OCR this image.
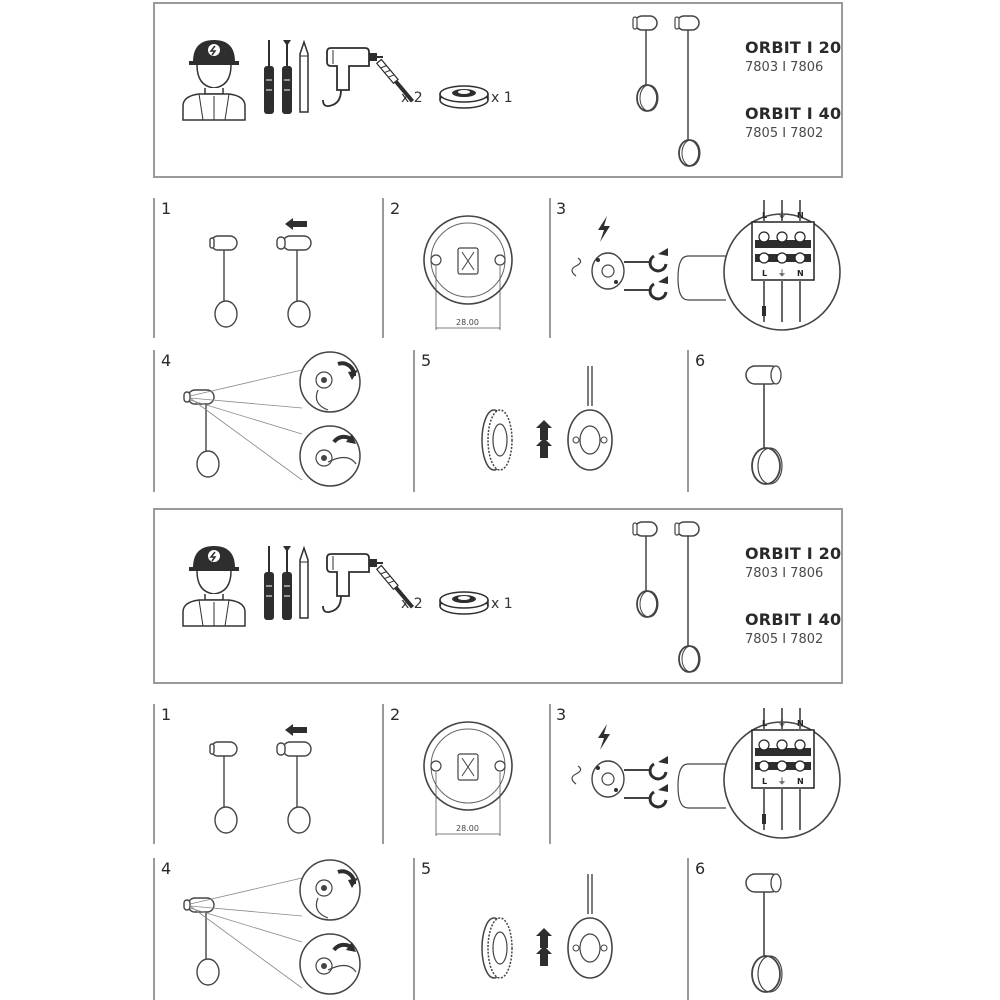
x 2	x 1
ORBIT I 20
7803 I 7806
ORBIT I 40
7805 I 7802
1	2
28.00
3	L ⏚ N
L ⏚ N
4	5	6
x 2	x 1
ORBIT I 20
7803 I 7806
ORBIT I 40
7805 I 7802
1	2
28.00
3	L ⏚ N
L ⏚ N
4	5	6
